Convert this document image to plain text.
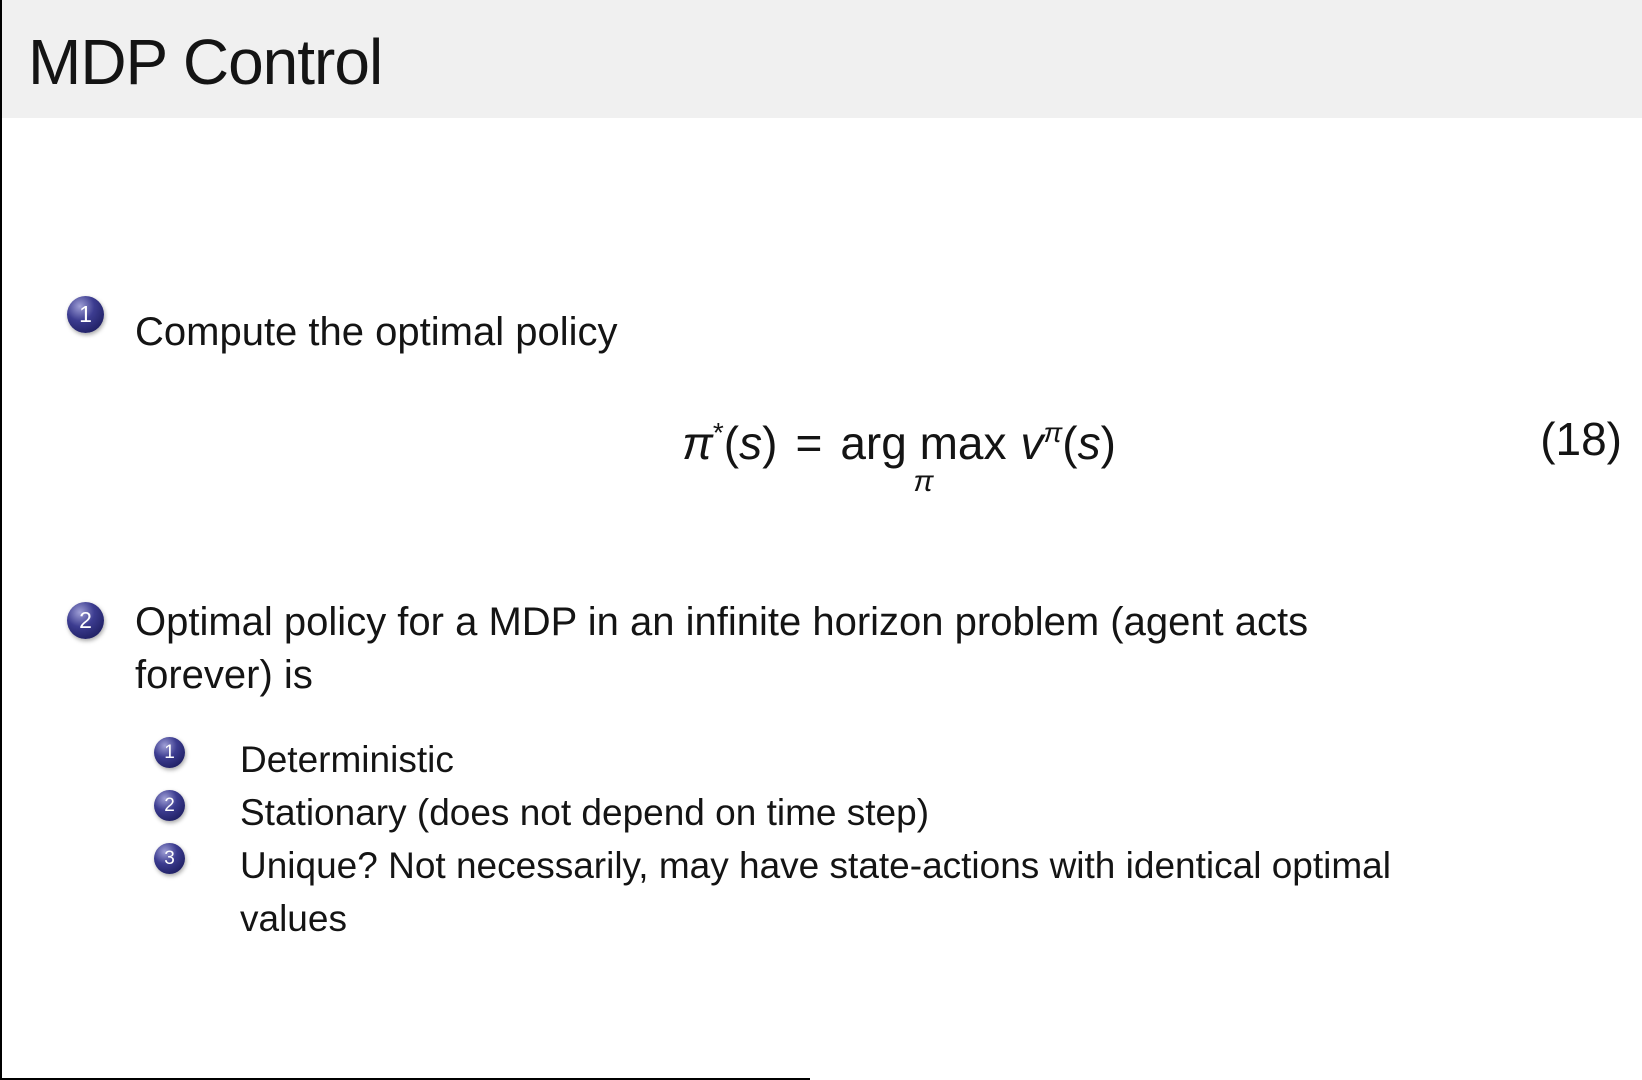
MDP Control
1 Compute the optimal policy
π * ( s ) = arg max
π
v π ( s )	(18)
2 Optimal policy for a MDP in an infinite horizon problem (agent acts
forever) is
1 Deterministic
2 Stationary (does not depend on time step)
3 Unique? Not necessarily, may have state-actions with identical optimal
values
